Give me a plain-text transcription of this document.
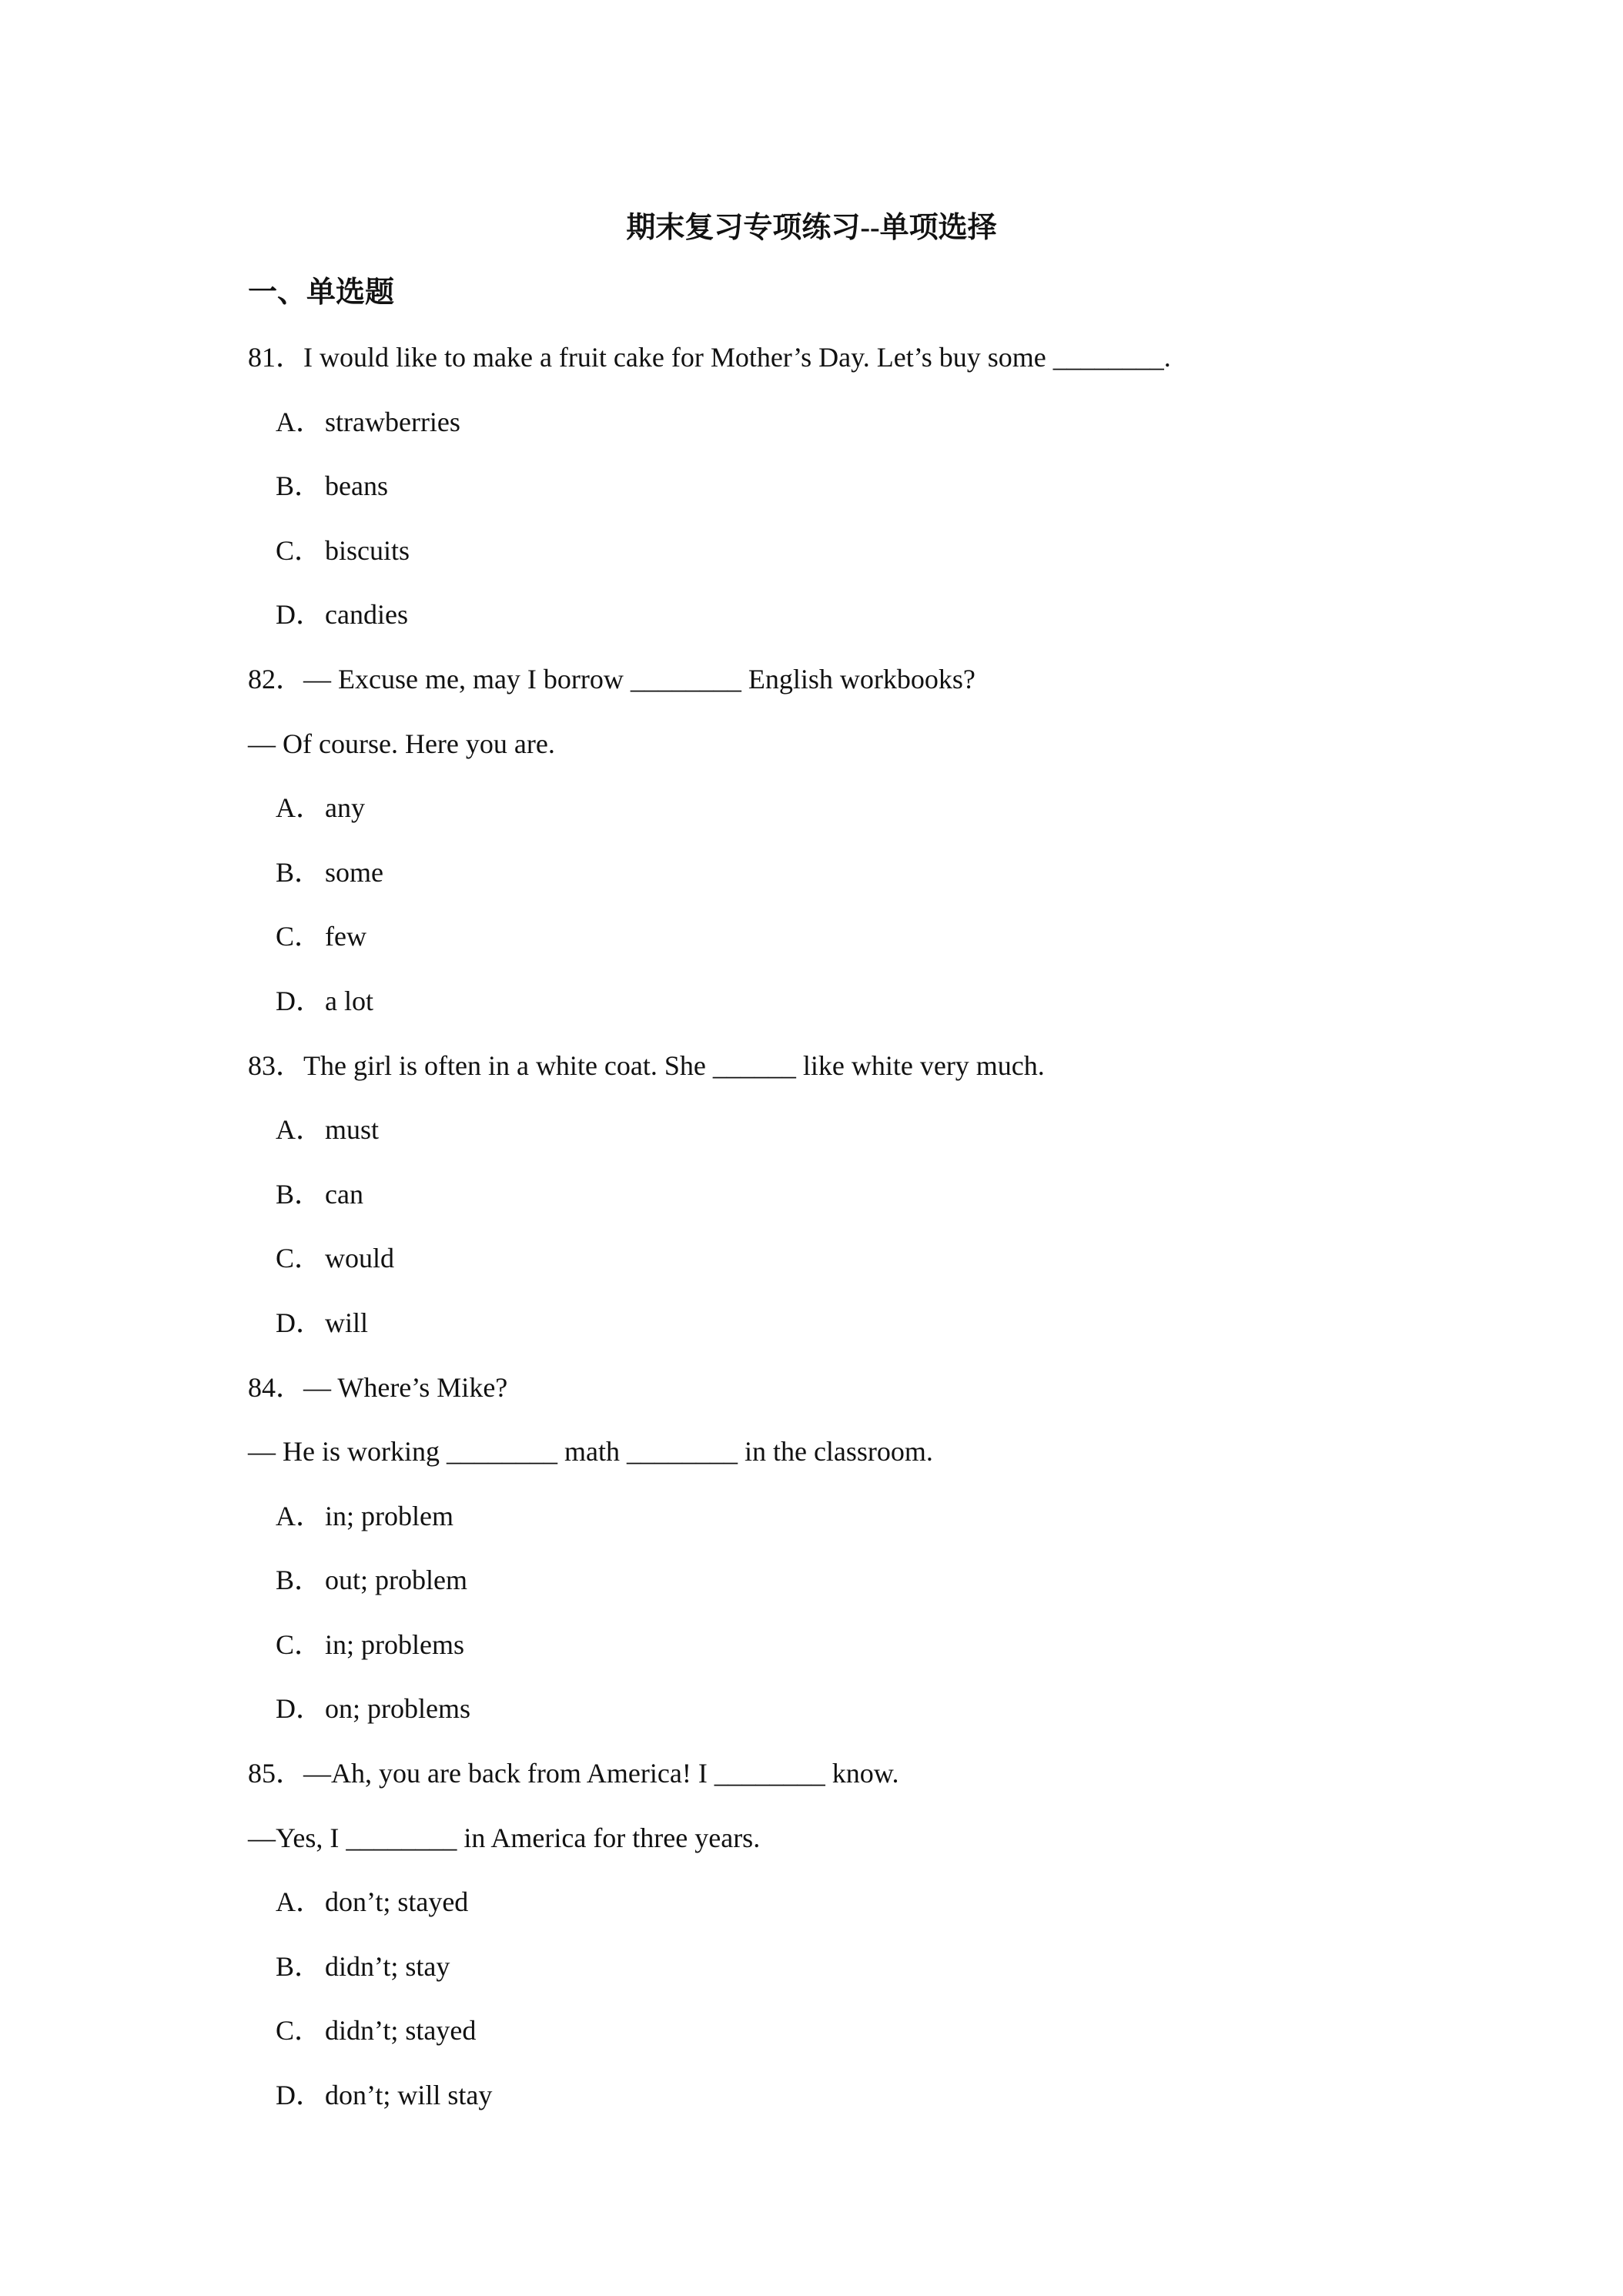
期末复习专项练习--单项选择
一、单选题
81．I would like to make a fruit cake for Mother’s Day. Let’s buy some ________.
A．strawberries
B． beans
C． biscuits
D．candies
82．— Excuse me, may I borrow ________ English workbooks?
— Of course. Here you are.
A．any
B． some
C． few
D．a lot
83．The girl is often in a white coat. She ______ like white very much.
A．must
B． can
C． would
D．will
84．— Where’s Mike?
— He is working ________ math ________ in the classroom.
A．in; problem
B． out; problem
C． in; problems
D．on; problems
85．—Ah, you are back from America! I ________ know.
—Yes, I ________ in America for three years.
A．don’t; stayed
B． didn’t; stay
C． didn’t; stayed
D．don’t; will stay
